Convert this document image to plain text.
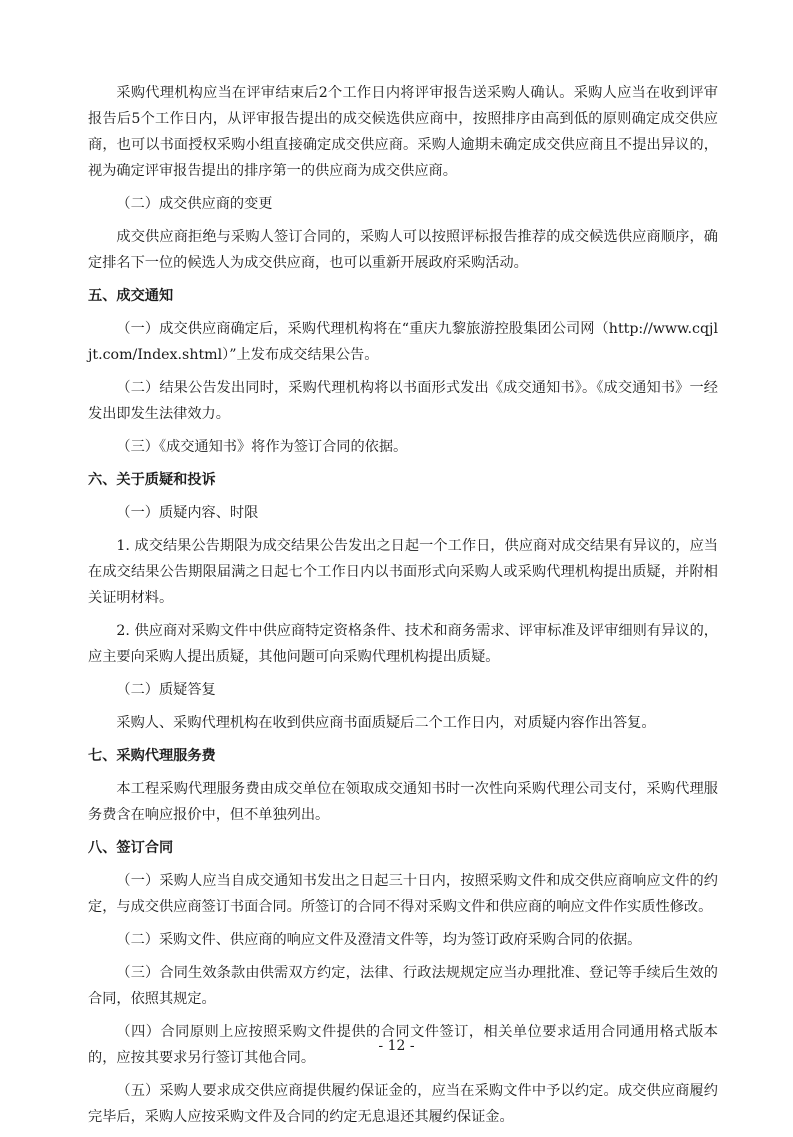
采购代理机构应当在评审结束后2个工作日内将评审报告送采购人确认。采购人应当在收到评审报告后5个工作日内，从评审报告提出的成交候选供应商中，按照排序由高到低的原则确定成交供应商，也可以书面授权采购小组直接确定成交供应商。采购人逾期未确定成交供应商且不提出异议的，视为确定评审报告提出的排序第一的供应商为成交供应商。

（二）成交供应商的变更

成交供应商拒绝与采购人签订合同的，采购人可以按照评标报告推荐的成交候选供应商顺序，确定排名下一位的候选人为成交供应商，也可以重新开展政府采购活动。

五、成交通知

（一）成交供应商确定后，采购代理机构将在“重庆九黎旅游控股集团公司网（http://www.cqjljt.com/Index.shtml）”上发布成交结果公告。

（二）结果公告发出同时，采购代理机构将以书面形式发出《成交通知书》。《成交通知书》一经发出即发生法律效力。

（三）《成交通知书》将作为签订合同的依据。

六、关于质疑和投诉

（一）质疑内容、时限

1. 成交结果公告期限为成交结果公告发出之日起一个工作日，供应商对成交结果有异议的，应当在成交结果公告期限届满之日起七个工作日内以书面形式向采购人或采购代理机构提出质疑，并附相关证明材料。

2. 供应商对采购文件中供应商特定资格条件、技术和商务需求、评审标准及评审细则有异议的，应主要向采购人提出质疑，其他问题可向采购代理机构提出质疑。

（二）质疑答复

采购人、采购代理机构在收到供应商书面质疑后二个工作日内，对质疑内容作出答复。

七、采购代理服务费

本工程采购代理服务费由成交单位在领取成交通知书时一次性向采购代理公司支付，采购代理服务费含在响应报价中，但不单独列出。

八、签订合同

（一）采购人应当自成交通知书发出之日起三十日内，按照采购文件和成交供应商响应文件的约定，与成交供应商签订书面合同。所签订的合同不得对采购文件和供应商的响应文件作实质性修改。

（二）采购文件、供应商的响应文件及澄清文件等，均为签订政府采购合同的依据。

（三）合同生效条款由供需双方约定，法律、行政法规规定应当办理批准、登记等手续后生效的合同，依照其规定。

（四）合同原则上应按照采购文件提供的合同文件签订，相关单位要求适用合同通用格式版本的，应按其要求另行签订其他合同。

（五）采购人要求成交供应商提供履约保证金的，应当在采购文件中予以约定。成交供应商履约完毕后，采购人应按采购文件及合同的约定无息退还其履约保证金。

- 12 -
